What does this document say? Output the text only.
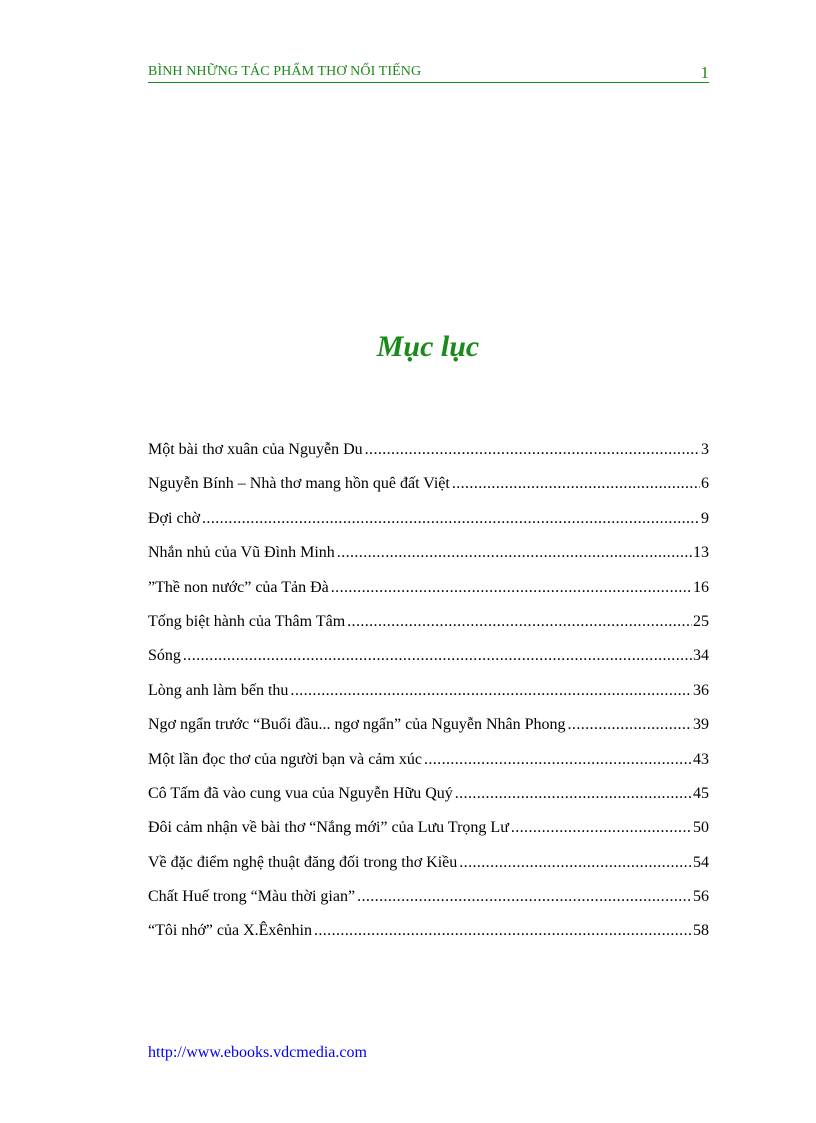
BÌNH NHỮNG TÁC PHẨM THƠ NỔI TIẾNG	1
Mục lục
Một bài thơ xuân của Nguyễn Du .....	3
Nguyễn Bính – Nhà thơ mang hồn quê đất Việt .....	6
Đợi chờ .....	9
Nhắn nhủ của Vũ Đình Minh .....	13
”Thề non nước” của Tản Đà .....	16
Tống biệt hành của Thâm Tâm .....	25
Sóng .....	34
Lòng anh làm bến thu .....	36
Ngơ ngẩn trước “Buổi đầu... ngơ ngẩn” của Nguyễn Nhân Phong .....	39
Một lần đọc thơ của người bạn và cảm xúc .....	43
Cô Tấm đã vào cung vua của Nguyễn Hữu Quý .....	45
Đôi cảm nhận về bài thơ “Nắng mới” của Lưu Trọng Lư .....	50
Về đặc điểm nghệ thuật đăng đối trong thơ Kiều .....	54
Chất Huế trong “Màu thời gian” .....	56
“Tôi nhớ” của X.Êxênhin .....	58
http://www.ebooks.vdcmedia.com
